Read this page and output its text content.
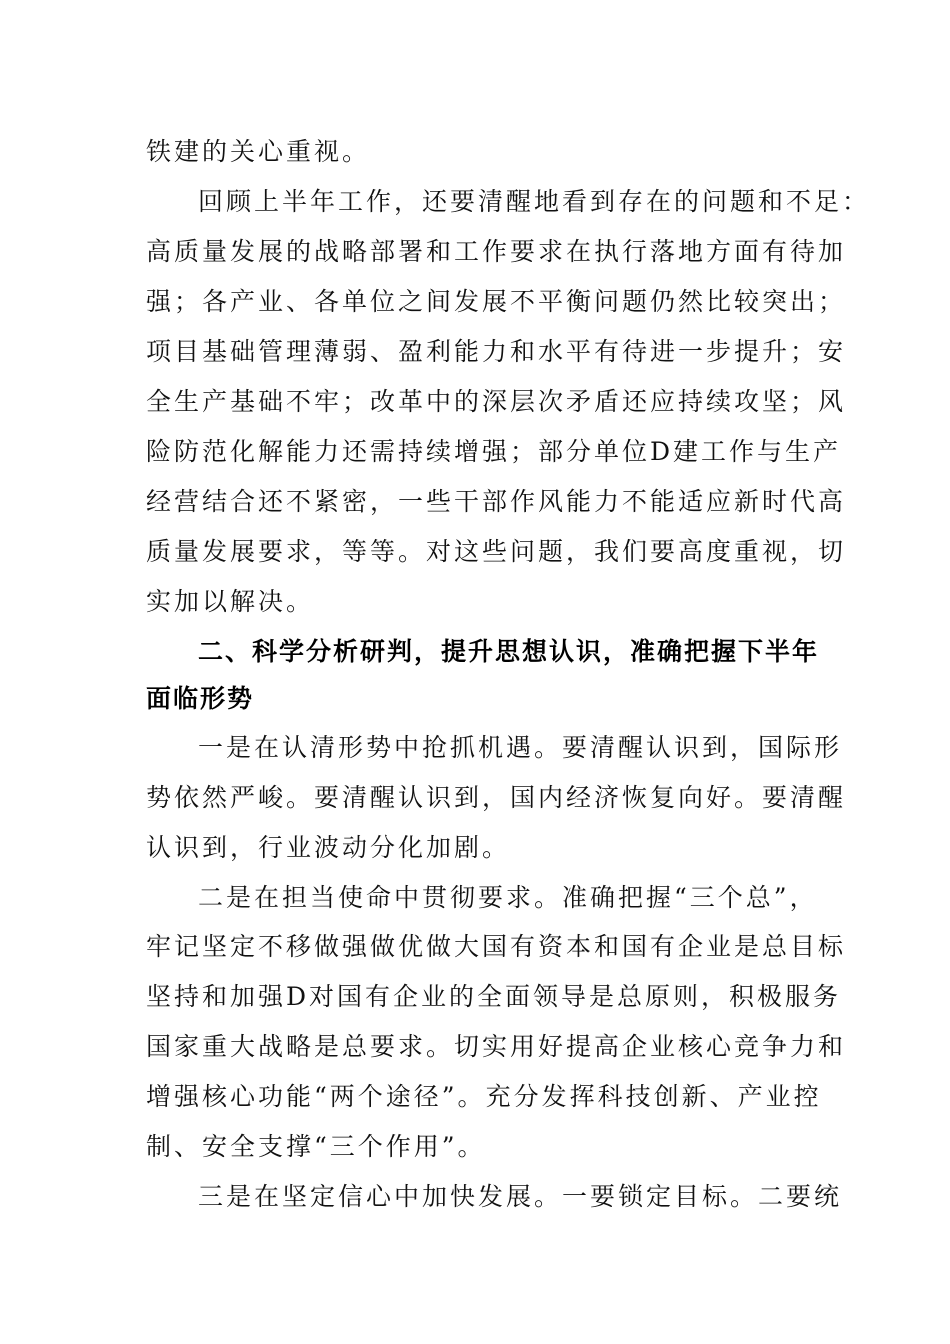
铁建的关心重视。
回顾上半年工作，还要清醒地看到存在的问题和不足：
高质量发展的战略部署和工作要求在执行落地方面有待加
强；各产业、各单位之间发展不平衡问题仍然比较突出；
项目基础管理薄弱、盈利能力和水平有待进一步提升；安
全生产基础不牢；改革中的深层次矛盾还应持续攻坚；风
险防范化解能力还需持续增强；部分单位D建工作与生产
经营结合还不紧密，一些干部作风能力不能适应新时代高
质量发展要求，等等。对这些问题，我们要高度重视，切
实加以解决。
二、科学分析研判，提升思想认识，准确把握下半年
面临形势
一是在认清形势中抢抓机遇。要清醒认识到，国际形
势依然严峻。要清醒认识到，国内经济恢复向好。要清醒
认识到，行业波动分化加剧。
二是在担当使命中贯彻要求。准确把握“三个总”，
牢记坚定不移做强做优做大国有资本和国有企业是总目标
坚持和加强D对国有企业的全面领导是总原则，积极服务
国家重大战略是总要求。切实用好提高企业核心竞争力和
增强核心功能“两个途径”。充分发挥科技创新、产业控
制、安全支撑“三个作用”。
三是在坚定信心中加快发展。一要锁定目标。二要统
